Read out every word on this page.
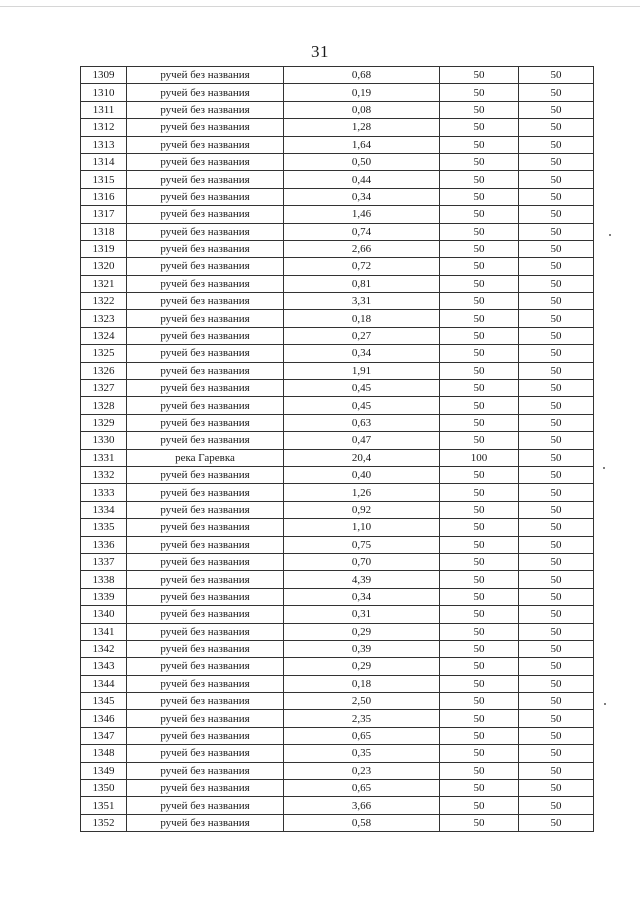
31
1309	ручей без названия	0,68	50	50
1310	ручей без названия	0,19	50	50
1311	ручей без названия	0,08	50	50
1312	ручей без названия	1,28	50	50
1313	ручей без названия	1,64	50	50
1314	ручей без названия	0,50	50	50
1315	ручей без названия	0,44	50	50
1316	ручей без названия	0,34	50	50
1317	ручей без названия	1,46	50	50
1318	ручей без названия	0,74	50	50
1319	ручей без названия	2,66	50	50
1320	ручей без названия	0,72	50	50
1321	ручей без названия	0,81	50	50
1322	ручей без названия	3,31	50	50
1323	ручей без названия	0,18	50	50
1324	ручей без названия	0,27	50	50
1325	ручей без названия	0,34	50	50
1326	ручей без названия	1,91	50	50
1327	ручей без названия	0,45	50	50
1328	ручей без названия	0,45	50	50
1329	ручей без названия	0,63	50	50
1330	ручей без названия	0,47	50	50
1331	река Гаревка	20,4	100	50
1332	ручей без названия	0,40	50	50
1333	ручей без названия	1,26	50	50
1334	ручей без названия	0,92	50	50
1335	ручей без названия	1,10	50	50
1336	ручей без названия	0,75	50	50
1337	ручей без названия	0,70	50	50
1338	ручей без названия	4,39	50	50
1339	ручей без названия	0,34	50	50
1340	ручей без названия	0,31	50	50
1341	ручей без названия	0,29	50	50
1342	ручей без названия	0,39	50	50
1343	ручей без названия	0,29	50	50
1344	ручей без названия	0,18	50	50
1345	ручей без названия	2,50	50	50
1346	ручей без названия	2,35	50	50
1347	ручей без названия	0,65	50	50
1348	ручей без названия	0,35	50	50
1349	ручей без названия	0,23	50	50
1350	ручей без названия	0,65	50	50
1351	ручей без названия	3,66	50	50
1352	ручей без названия	0,58	50	50
